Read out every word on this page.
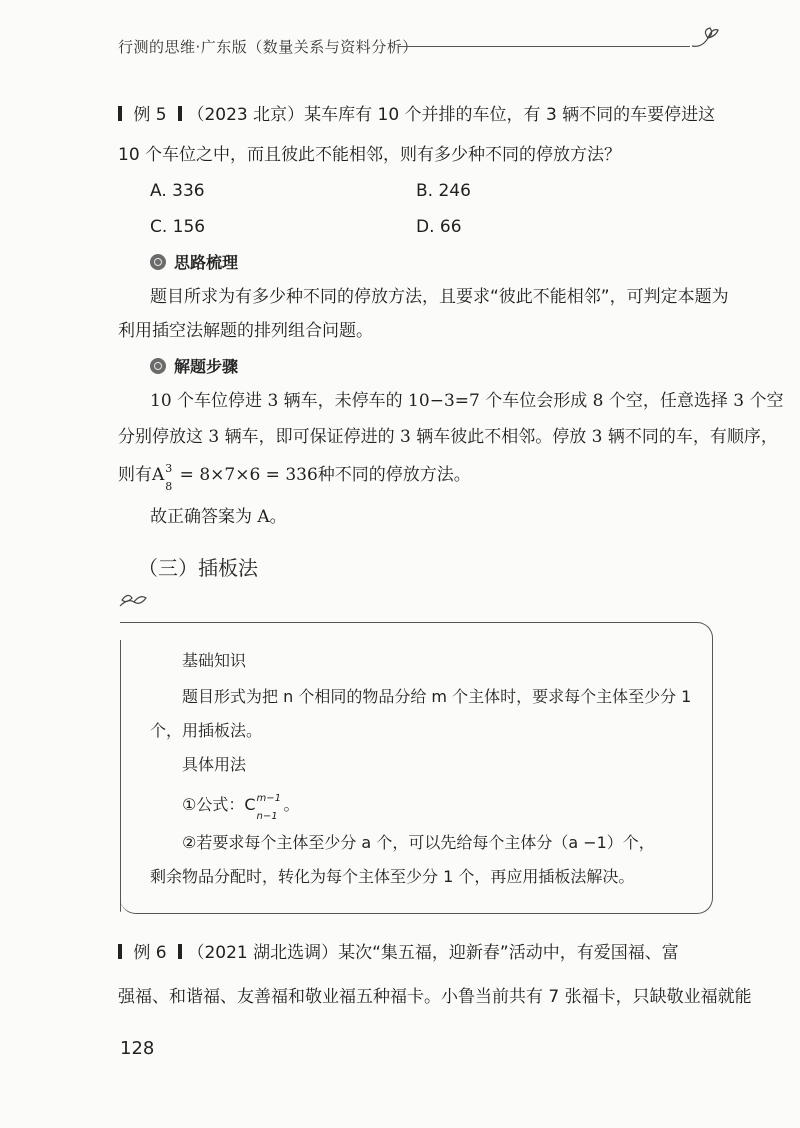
行测的思维·广东版（数量关系与资料分析）
例 5 （2023 北京）某车库有 10 个并排的车位，有 3 辆不同的车要停进这
10 个车位之中，而且彼此不能相邻，则有多少种不同的停放方法？
A. 336	B. 246
C. 156	D. 66
思路梳理
题目所求为有多少种不同的停放方法，且要求“彼此不能相邻”，可判定本题为
利用插空法解题的排列组合问题。
解题步骤
10 个车位停进 3 辆车，未停车的 10−3=7 个车位会形成 8 个空，任意选择 3 个空
分别停放这 3 辆车，即可保证停进的 3 辆车彼此不相邻。停放 3 辆不同的车，有顺序，
则有A 3
8
= 8×7×6 = 336种不同的停放方法。
故正确答案为 A。
（三）插板法
基础知识
题目形式为把 n 个相同的物品分给 m 个主体时，要求每个主体至少分 1
个，用插板法。
具体用法
①公式：C m−1
n−1
。
②若要求每个主体至少分 a 个，可以先给每个主体分（a −1）个，
剩余物品分配时，转化为每个主体至少分 1 个，再应用插板法解决。
例 6 （2021 湖北选调）某次“集五福，迎新春”活动中，有爱国福、富
强福、和谐福、友善福和敬业福五种福卡。小鲁当前共有 7 张福卡，只缺敬业福就能
128
